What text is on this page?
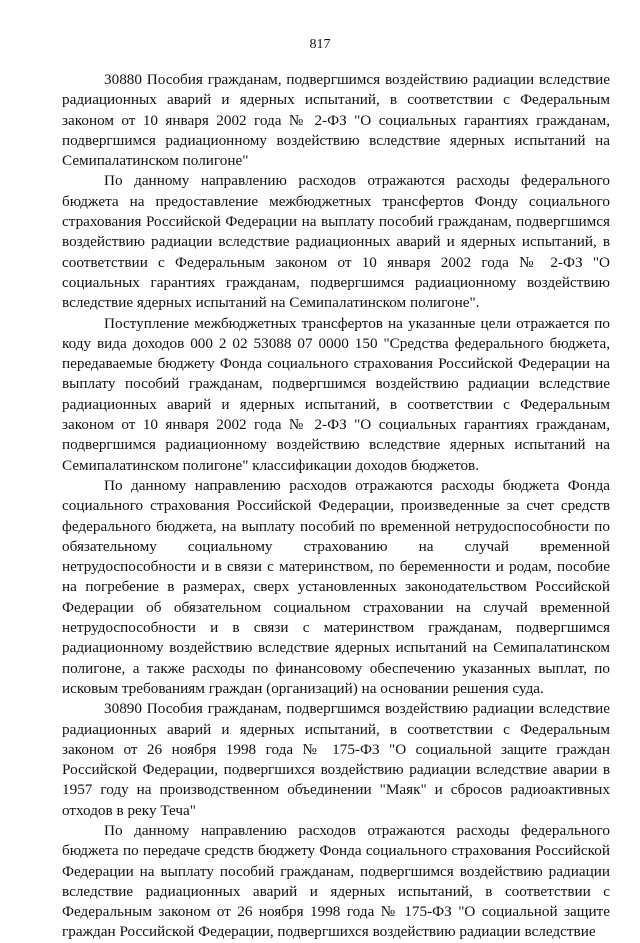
817

30880 Пособия гражданам, подвергшимся воздействию радиации вследствие радиационных аварий и ядерных испытаний, в соответствии с Федеральным законом от 10 января 2002 года № 2-ФЗ "О социальных гарантиях гражданам, подвергшимся радиационному воздействию вследствие ядерных испытаний на Семипалатинском полигоне"

По данному направлению расходов отражаются расходы федерального бюджета на предоставление межбюджетных трансфертов Фонду социального страхования Российской Федерации на выплату пособий гражданам, подвергшимся воздействию радиации вследствие радиационных аварий и ядерных испытаний, в соответствии с Федеральным законом от 10 января 2002 года № 2-ФЗ "О социальных гарантиях гражданам, подвергшимся радиационному воздействию вследствие ядерных испытаний на Семипалатинском полигоне".

Поступление межбюджетных трансфертов на указанные цели отражается по коду вида доходов 000 2 02 53088 07 0000 150 "Средства федерального бюджета, передаваемые бюджету Фонда социального страхования Российской Федерации на выплату пособий гражданам, подвергшимся воздействию радиации вследствие радиационных аварий и ядерных испытаний, в соответствии с Федеральным законом от 10 января 2002 года № 2-ФЗ "О социальных гарантиях гражданам, подвергшимся радиационному воздействию вследствие ядерных испытаний на Семипалатинском полигоне" классификации доходов бюджетов.

По данному направлению расходов отражаются расходы бюджета Фонда социального страхования Российской Федерации, произведенные за счет средств федерального бюджета, на выплату пособий по временной нетрудоспособности по обязательному социальному страхованию на случай временной нетрудоспособности и в связи с материнством, по беременности и родам, пособие на погребение в размерах, сверх установленных законодательством Российской Федерации об обязательном социальном страховании на случай временной нетрудоспособности и в связи с материнством гражданам, подвергшимся радиационному воздействию вследствие ядерных испытаний на Семипалатинском полигоне, а также расходы по финансовому обеспечению указанных выплат, по исковым требованиям граждан (организаций) на основании решения суда.

30890 Пособия гражданам, подвергшимся воздействию радиации вследствие радиационных аварий и ядерных испытаний, в соответствии с Федеральным законом от 26 ноября 1998 года № 175-ФЗ "О социальной защите граждан Российской Федерации, подвергшихся воздействию радиации вследствие аварии в 1957 году на производственном объединении "Маяк" и сбросов радиоактивных отходов в реку Теча"

По данному направлению расходов отражаются расходы федерального бюджета по передаче средств бюджету Фонда социального страхования Российской Федерации на выплату пособий гражданам, подвергшимся воздействию радиации вследствие радиационных аварий и ядерных испытаний, в соответствии с Федеральным законом от 26 ноября 1998 года № 175-ФЗ "О социальной защите граждан Российской Федерации, подвергшихся воздействию радиации вследствие
